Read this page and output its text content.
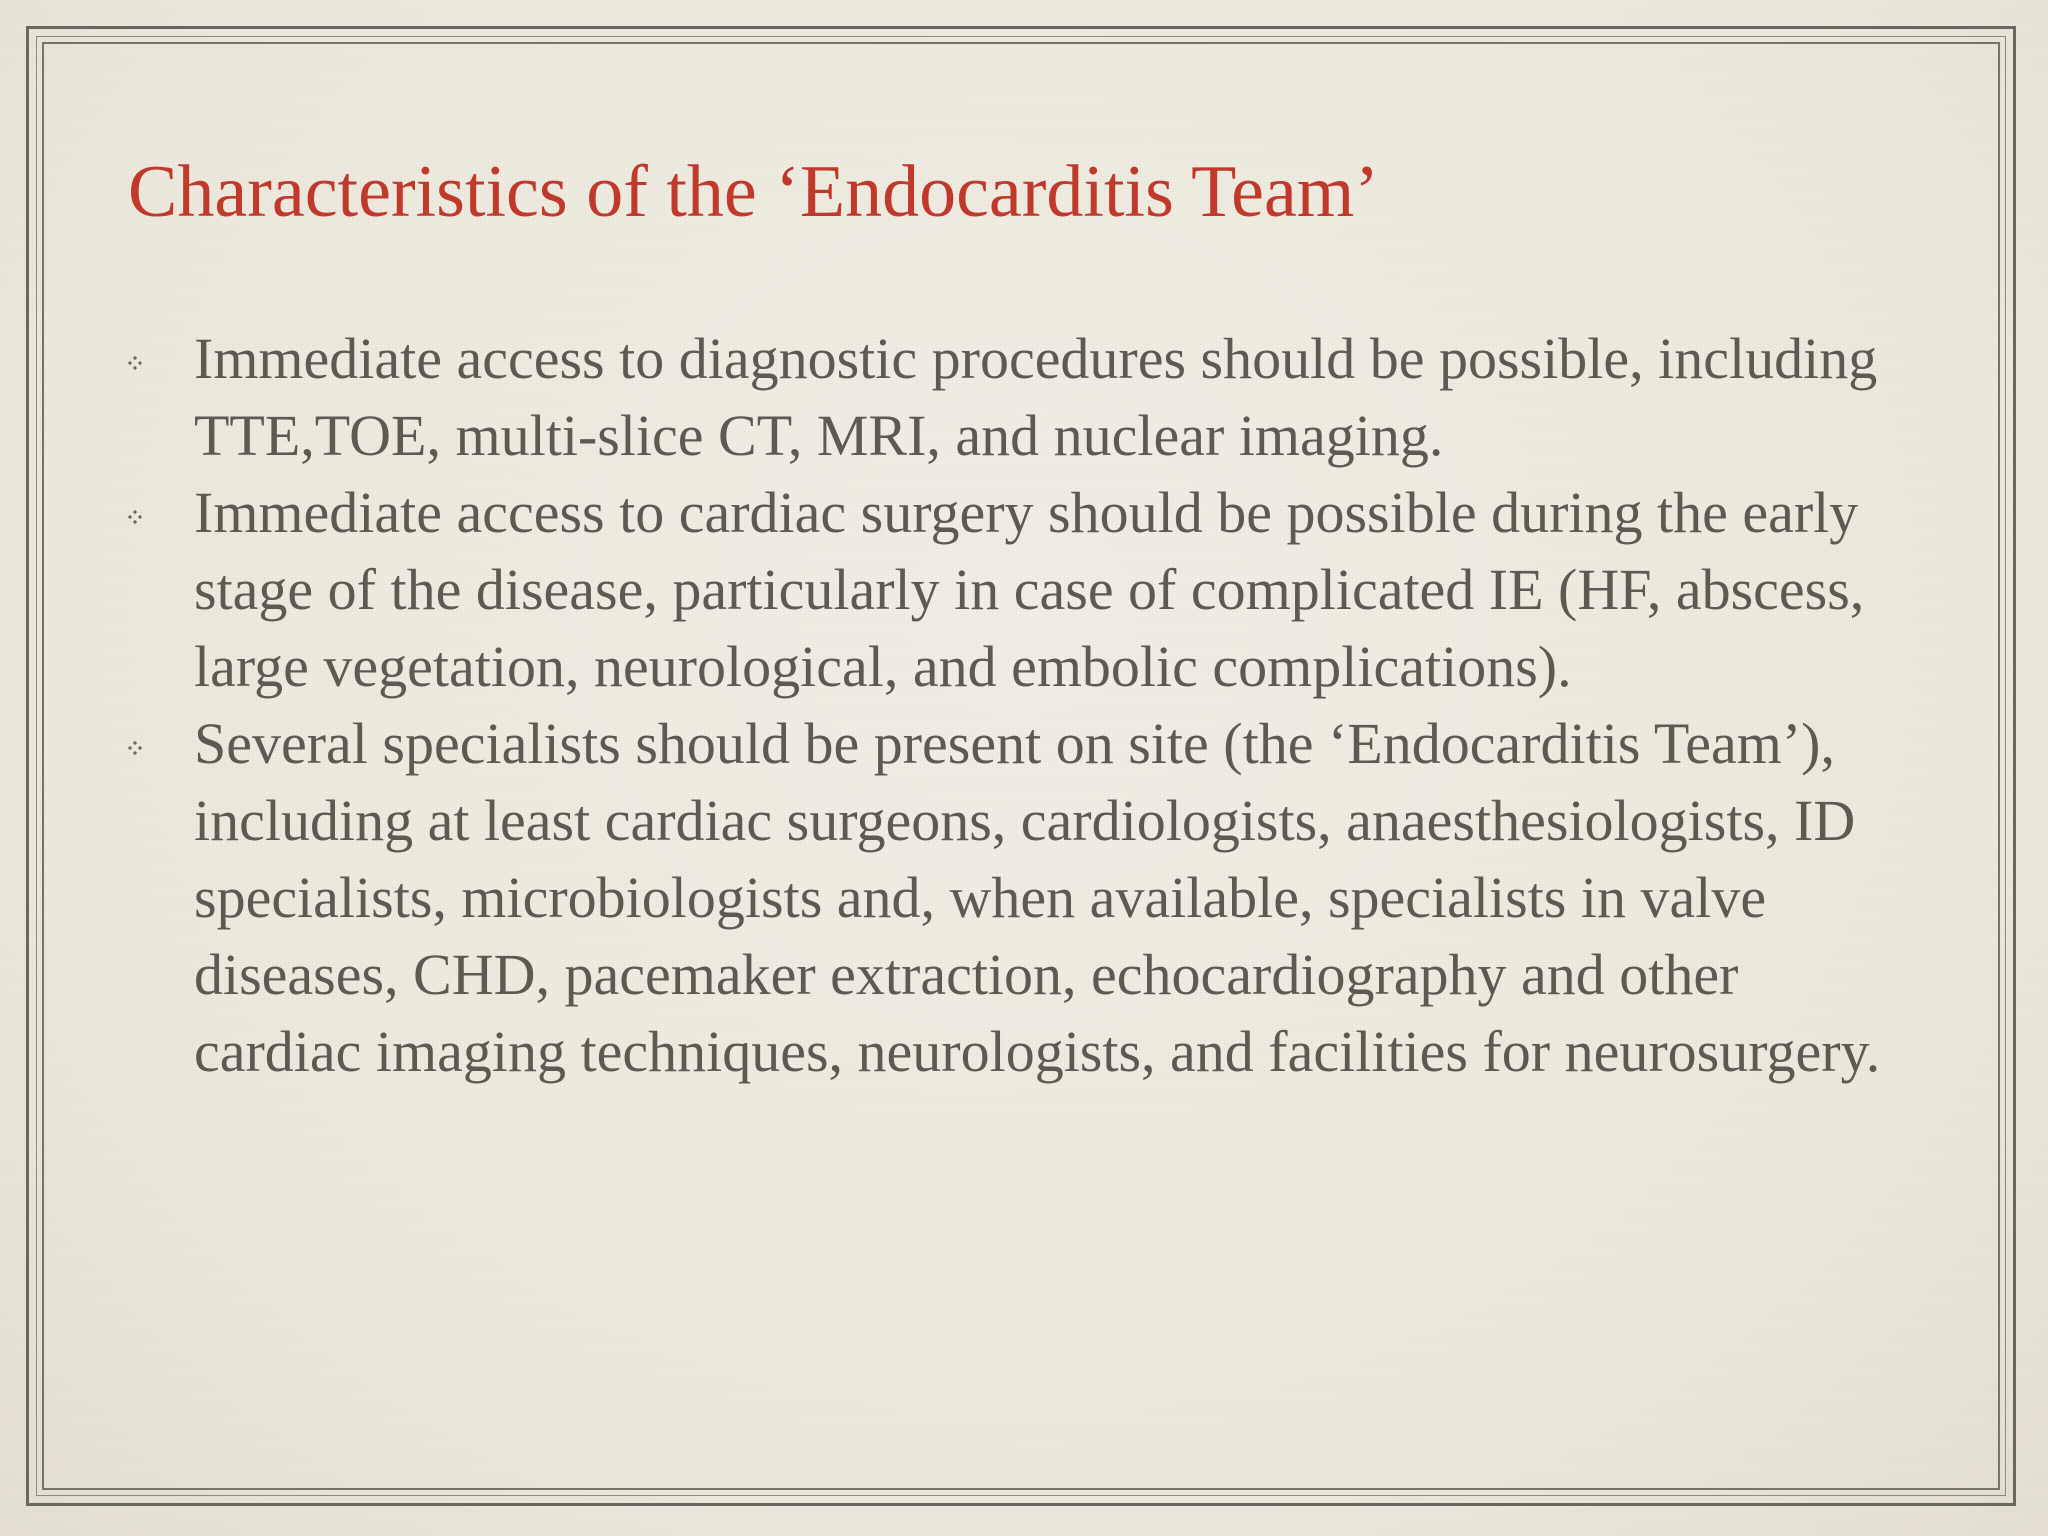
Characteristics of the ‘Endocarditis Team’
Immediate access to diagnostic procedures should be possible, including TTE,TOE, multi-slice CT, MRI, and nuclear imaging.
Immediate access to cardiac surgery should be possible during the early stage of the disease, particularly in case of complicated IE (HF, abscess, large vegetation, neurological, and embolic complications).
Several specialists should be present on site (the ‘Endocarditis Team’), including at least cardiac surgeons, cardiologists, anaesthesiologists, ID specialists, microbiologists and, when available, specialists in valve diseases, CHD, pacemaker extraction, echocardiography and other cardiac imaging techniques, neurologists, and facilities for neurosurgery.
